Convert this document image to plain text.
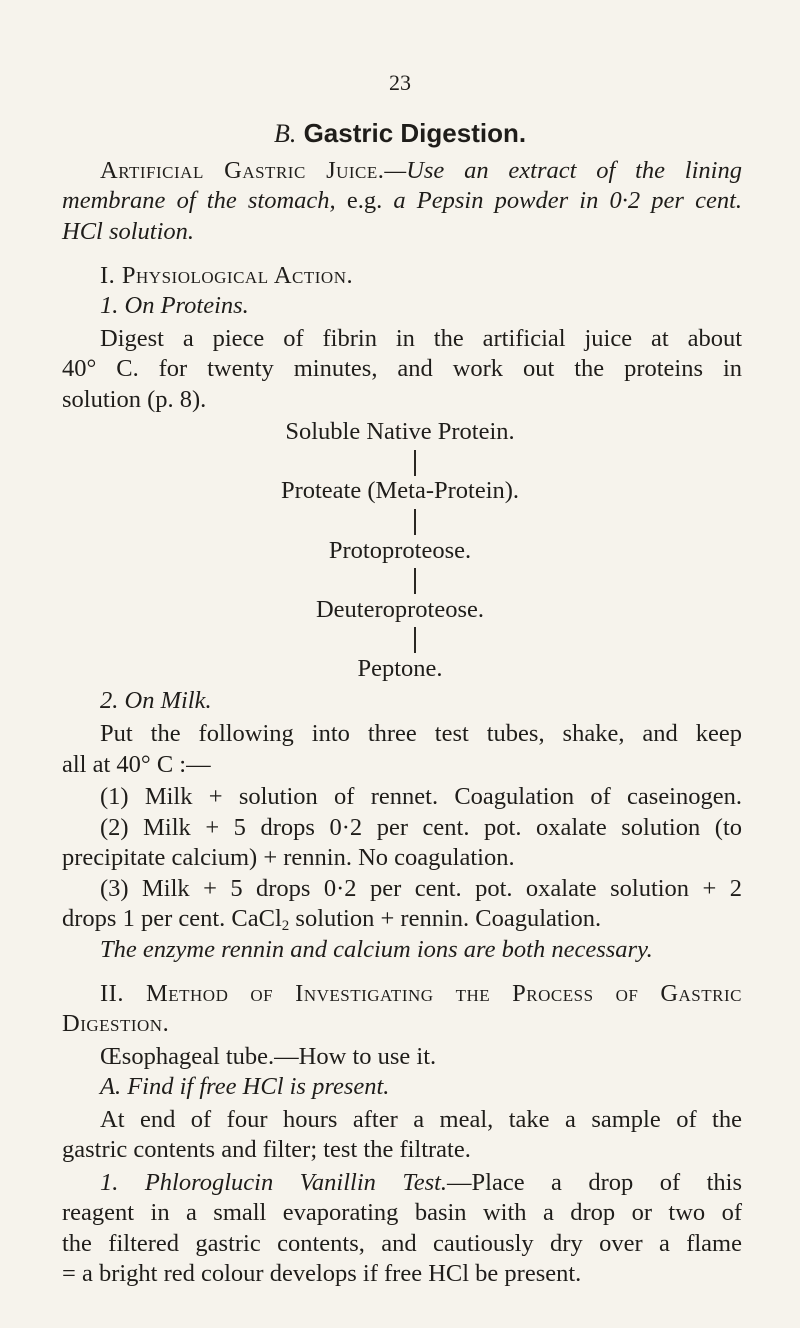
23
B. Gastric Digestion.
Artificial Gastric Juice.—Use an extract of the lining
membrane of the stomach, e.g. a Pepsin powder in 0·2 per cent.
HCl solution.
I. Physiological Action.
1. On Proteins.
Digest a piece of fibrin in the artificial juice at about
40° C. for twenty minutes, and work out the proteins in
solution (p. 8).
Soluble Native Protein.
Proteate (Meta-Protein).
Protoproteose.
Deuteroproteose.
Peptone.
2. On Milk.
Put the following into three test tubes, shake, and keep
all at 40° C :—
(1) Milk + solution of rennet. Coagulation of caseinogen.
(2) Milk + 5 drops 0·2 per cent. pot. oxalate solution (to
precipitate calcium) + rennin. No coagulation.
(3) Milk + 5 drops 0·2 per cent. pot. oxalate solution + 2
drops 1 per cent. CaCl$_2$ solution + rennin. Coagulation.
The enzyme rennin and calcium ions are both necessary.
II. Method of Investigating the Process of Gastric
Digestion.
Œsophageal tube.—How to use it.
A. Find if free HCl is present.
At end of four hours after a meal, take a sample of the
gastric contents and filter; test the filtrate.
1. Phloroglucin Vanillin Test.—Place a drop of this
reagent in a small evaporating basin with a drop or two of
the filtered gastric contents, and cautiously dry over a flame
= a bright red colour develops if free HCl be present.
